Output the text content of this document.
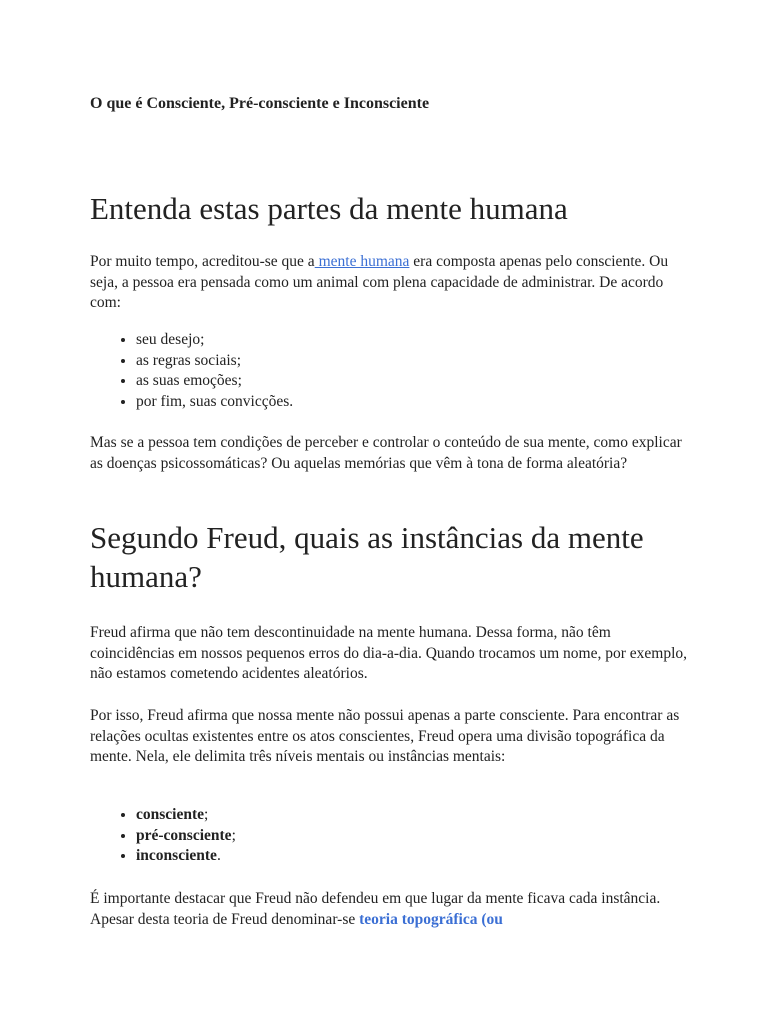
O que é Consciente, Pré-consciente e Inconsciente

Entenda estas partes da mente humana

Por muito tempo, acreditou-se que a mente humana era composta apenas pelo consciente. Ou seja, a pessoa era pensada como um animal com plena capacidade de administrar. De acordo com:

• seu desejo;
• as regras sociais;
• as suas emoções;
• por fim, suas convicções.

Mas se a pessoa tem condições de perceber e controlar o conteúdo de sua mente, como explicar as doenças psicossomáticas? Ou aquelas memórias que vêm à tona de forma aleatória?

Segundo Freud, quais as instâncias da mente humana?

Freud afirma que não tem descontinuidade na mente humana. Dessa forma, não têm coincidências em nossos pequenos erros do dia-a-dia. Quando trocamos um nome, por exemplo, não estamos cometendo acidentes aleatórios.

Por isso, Freud afirma que nossa mente não possui apenas a parte consciente. Para encontrar as relações ocultas existentes entre os atos conscientes, Freud opera uma divisão topográfica da mente. Nela, ele delimita três níveis mentais ou instâncias mentais:

• consciente;
• pré-consciente;
• inconsciente.

É importante destacar que Freud não defendeu em que lugar da mente ficava cada instância. Apesar desta teoria de Freud denominar-se teoria topográfica (ou
